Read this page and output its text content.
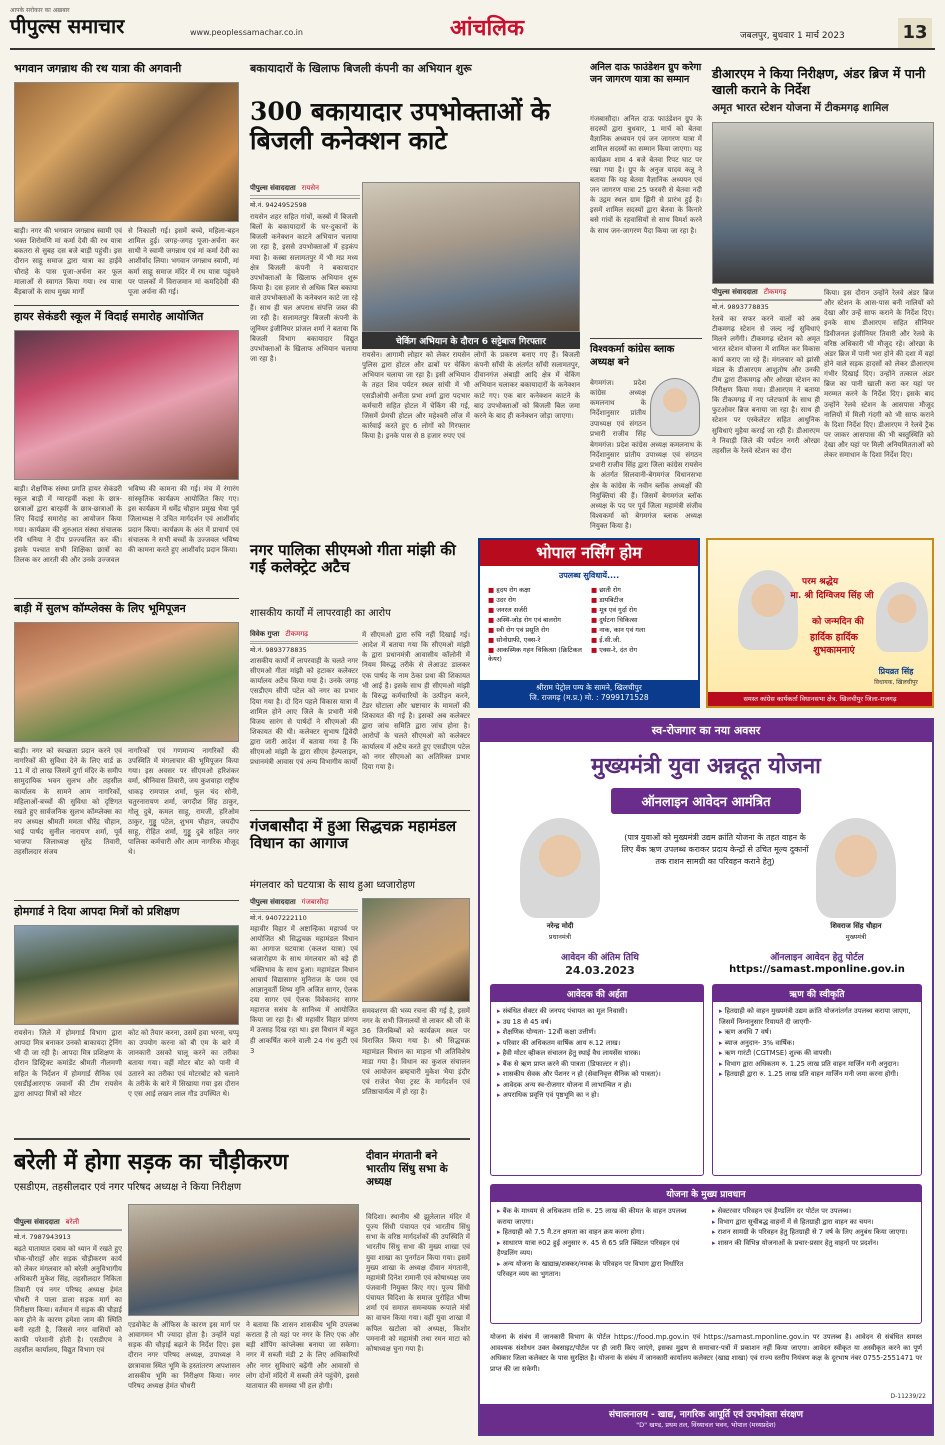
आपके सरोकार का अख़बार
पीपुल्स समाचार	www.peoplessamachar.co.in	आंचलिक	जबलपुर, बुधवार 1 मार्च 2023	13
भगवान जगन्नाथ की रथ यात्रा की अगवानी
बाड़ी। नगर की भगवान जगन्नाथ स्वामी एवं भक्त शिरोमणि मां कर्मा देवी की रथ यात्रा बकतरा से सुबह दस बजे बाड़ी पहुंची। इस दौरान साहू समाज द्वारा यात्रा का हाईवे चौराहे के पास पूजा-अर्चना कर फूल मालाओं से स्वागत किया गया। रथ यात्रा बैंड़बाजों के साथ मुख्य मार्गों
से निकाली गई। इसमें बच्चे, महिला-बहन शामिल हुई। जगह-जगह पूजा-अर्चना कर साथी ने स्वामी जगन्नाथ एवं मां कर्मा देवी का आशीर्वाद लिया। भगवान जगन्नाथ स्वामी, मां कर्मा साहू समाज मंदिर में रथ यात्रा पहुंचने पर पालकों में विराजमान मां कमदिदेवी की पूजा अर्चना की गई।
हायर सेकंडरी स्कूल में विदाई समारोह आयोजित
बाड़ी। शैक्षणिक संस्था प्रगति हायर सेकंडरी स्कूल बाड़ी में ग्यारहवीं कक्षा के छात्र-छात्राओं द्वारा बारहवीं के छात्र-छात्राओं के लिए विदाई समारोह का आयोजन किया गया। कार्यक्रम की शुरुआत संस्था संचालक रवि धनिया ने दीप प्रज्ज्वलित कर की। इसके पश्चात सभी शिक्षिका छात्रों का तिलक कर आरती की और उनके उज्जवल
भविष्य की कामना की गई। मंच में रंगारंग सांस्कृतिक कार्यक्रम आयोजित किए गए। इस कार्यक्रम में धर्मेंद्र चौहान प्रमुख भैया पूर्व जिलाध्यक्ष ने उचित मार्गदर्शन एवं आशीर्वाद प्रदान किया। कार्यक्रम के अंत में प्राचार्य एवं संचालक ने सभी बच्चों के उज्जवल भविष्य की कामना करते हुए आशीर्वाद प्रदान किया।
बाड़ी में सुलभ कॉम्प्लेक्स के लिए भूमिपूजन
बाड़ी। नगर को स्वच्छता प्रदान करने एवं नागरिकों की सुविधा देने के लिए वार्ड क्र 11 में दो लाख जिसमें दुर्गा मंदिर के समीप सामुदायिक भवन सुलभ और तहसील कार्यालय के सामने आम नागरिकों, महिलाओं-बच्चों की सुविधा को दृष्टिगत रखते हुए सार्वजनिक सुलभ कॉम्प्लेक्स का नप अध्यक्ष श्रीमती ममता धीरेंद्र चौहान, भाई पार्षद सुनील नारायण शर्मा, पूर्व भाजपा जिलाध्यक्ष सुरेंद्र तिवारी, तहसीलदार संजय
नागरिकों एवं गणमान्य नागरिकों की उपस्थिति में मंगलाचार की भूमिपूजन किया गया। इस अवसर पर सीएमओ हरिशंकर वर्मा, श्रीनिवास तिवारी, जय कुशवाहा राष्ट्रीय धाकड़ रामपाल शर्मा, फूल चंद सोनी, चतुरनारायण शर्मा, जगदीश सिंह ठाकुर, गोलू दुबे, कमल साहू, रामजी, हरिओम ठाकुर, गुड्डू पटेल, शुभम चौहान, जयदीप साहू, रोहित शर्मा, गुड्डू दुबे सहित नगर पालिका कर्मचारी और आम नागरिक मौजूद थे।
होमगार्ड ने दिया आपदा मित्रों को प्रशिक्षण
रायसेन। जिले में होमगार्ड विभाग द्वारा आपदा मित्र बनाकर उनको बाकायदा ट्रेनिंग भी दी जा रही है। आपदा मित्र प्रशिक्षण के दौरान डिस्ट्रिक्ट कमांडेंट श्रीमती नीलमणी सहित के निर्देशन में होमगार्ड सैनिक एवं एसडीईआरएफ जवानों की टीम रायसेन द्वारा आपदा मित्रों को मोटर
कोट को तैयार करना, उसमें हवा भरना, चप्पू का उपयोग करना को बी एम के बारे में जानकारी उसको चालू करने का तरीका बताया गया। वहीं मोटर बोट को पानी में उतारने का तरीका एवं मोटरबोट को चलाने के तरीके के बारे में सिखाया गया इस दौरान ए एस आई लखन लाल गौड उपस्थित थे।
बकायादारों के खिलाफ बिजली कंपनी का अभियान शुरू
300 बकायादार उपभोक्ताओं के बिजली कनेक्शन काटे
पीपुल्स संवाददाता रायसेन
मो.नं. 9424952598
चेकिंग अभियान के दौरान 6 सट्टेबाज गिरफ्तार
रायसेन शहर सहित गांवों, कस्बों में बिजली बिलों के बकायादारों के घर-दुकानों के बिजली कनेक्शन काटने अभियान चलाया जा रहा है, इससे उपभोक्ताओं में हड़कंप मचा है। कस्बा सलामतपुर में भी मप्र मध्य क्षेत्र बिजली कंपनी ने बकायादार उपभोक्ताओं के खिलाफ अभियान शुरू किया है। दस हजार से अधिक बिल बकाया वाले उपभोक्ताओं के कनेक्शन काटे जा रहे हैं। साथ ही चल अपराध संपत्ति जब्त की जा रही है। सलामतपुर बिजली कंपनी के जूनियर इंजीनियर प्रांजल शर्मा ने बताया कि बिजली विभाग बकायादार विद्युत उपभोक्ताओं के खिलाफ अभियान चलाया जा रहा है।	रायसेन। आगामी लोहार को लेकर रायसेन पुलिस द्वारा होटल और ढाबों पर चेकिंग अभियान चलाया जा रहा है। इसी अभियान के तहत शिव पर्यटन स्थल सांची में भी एसडीओपी अनीता प्रभा शर्मा द्वारा पदभार कर्मचारी सहित होटल में चेकिंग की गई, जिसमें प्रेमची होटल और महेश्वरी लॉज में कार्रवाई करते हुए 6 लोगों को गिरफ्तार किया है। इनके पास से 8 हजार रुपए एवं
लोगों के प्रकरण बनाए गए हैं। बिजली कंपनी साँची के अंतर्गत साँची सलामतपुर, दीवानगंज अंबाड़ी आदि क्षेत्र में चेकिंग अभियान चलाकर बकायादारों के कनेक्शन काटे गए। एक बार कनेक्शन काटने के बाद उपभोक्ताओं को बिजली बिल जमा करने के बाद ही कनेक्शन जोड़ा जाएगा।
अनिल दाऊ फाउंडेशन ग्रुप करेगा जन जागरण यात्रा का सम्मान
गंजबासौदा। अनिल दाऊ फाउंडेशन ग्रुप के सदस्यों द्वारा बुधवार, 1 मार्च को बेतवा वैज्ञानिक अध्ययन एवं जन जागरण यात्रा में शामिल सदस्यों का सम्मान किया जाएगा। यह कार्यक्रम शाम 4 बजे बेतवा रिपट घाट पर रखा गया है। ग्रुप के अनुज यादव कन्नू ने बताया कि यह बेतवा वैज्ञानिक अध्ययन एवं जन जागरण यात्रा 25 फरवरी से बेतवा नदी के उद्गम स्थल ग्राम झिरी से प्रारंभ हुई है। इसमें शामिल सदस्यों द्वारा बेतवा के किनारे बसे गांवों के रहवासियों से साथ विमर्श करने के साथ जन-जागरण पैदा किया जा रहा है।
विश्वकर्मा कांग्रेस ब्लाक अध्यक्ष बने
बेगमगंज। प्रदेश कांग्रेस अध्यक्ष कमलनाथ के निर्देशानुसार प्रांतीय उपाध्यक्ष एवं संगठन प्रभारी राजीव सिंह
बेगमगंज। प्रदेश कांग्रेस अध्यक्ष कमलनाथ के निर्देशानुसार प्रांतीय उपाध्यक्ष एवं संगठन प्रभारी राजीव सिंह द्वारा जिला कांग्रेस रायसेन के अंतर्गत सिलवानी-बेगमगंज विधानसभा क्षेत्र के कांग्रेस के नवीन ब्लॉक अध्यक्षों की नियुक्तियां की हैं। जिसमें बेगमगंज ब्लॉक अध्यक्ष के पद पर पूर्व जिला महामंत्री संजीव विश्वकर्मा को बेगमगंज ब्लाक अध्यक्ष नियुक्त किया है।
डीआरएम ने किया निरीक्षण, अंडर ब्रिज में पानी खाली कराने के निर्देश
अमृत भारत स्टेशन योजना में टीकमगढ़ शामिल
पीपुल्स संवाददाता टीकमगढ़
मो.नं. 9893778835
रेलवे का सफर करने वालों को अब टीकमगढ़ स्टेशन से जल्द नई सुविधाएं मिलने लगेंगी। टीकमगढ़ स्टेशन को अमृत भारत स्टेशन योजना में शामिल कर विकास कार्य कराए जा रहे हैं। मंगलवार को झांसी मंडल के डीआरएम आशुतोष और उनकी टीम द्वारा टीकमगढ़ और ओरछा स्टेशन का निरीक्षण किया गया। डीआरएम ने बताया कि टीकमगढ़ में नए प्लेटफार्म के साथ ही फुटओवर ब्रिज बनाया जा रहा है। साथ ही स्टेशन पर एस्केलेटर सहित आधुनिक सुविधाएं मुहैया कराई जा रही हैं। डीआरएम ने निवाड़ी जिले की पर्यटन नगरी ओरछा तहसील के रेलवे स्टेशन का दौरा
किया। इस दौरान उन्होंने रेलवे अंडर ब्रिज और स्टेशन के आस-पास बनी नालियों को देखा और उन्हें साफ कराने के निर्देश दिए। इनके साथ डीआरएम सहित सीनियर डिवीजनल इंजीनियर तिवारी और रेलवे के वरिष्ठ अधिकारी भी मौजूद रहे। ओरछा के अंडर ब्रिज में पानी भरा होने की दशा में वहां होने वाले सड़क हादसों को लेकर डीआरएम गंभीर दिखाई दिए। उन्होंने तत्काल अंडर ब्रिज का पानी खाली करा कर यहां पर मरम्मत करने के निर्देश दिए। इसके बाद उन्होंने रेलवे स्टेशन के आसपास मौजूद नालियों में मिली गंदगी को भी साफ कराने के दिशा निर्देश दिए। डीआरएम ने रेलवे ट्रैक पर जाकर आसपास की भी बस्तुस्थिति को देखा और यहां पर मिली अनियमितताओं को लेकर समाधान के दिशा निर्देश दिए।
नगर पालिका सीएमओ गीता मांझी की गईं कलेक्ट्रेट अटैच
शासकीय कार्यों में लापरवाही का आरोप
विवेक गुप्ता टीकमगढ़
मो.नं. 9893778835
शासकीय कार्यों में लापरवाही के चलते नगर सीएमओ गीता मांझी को हटाकर कलेक्टर कार्यालय अटैच किया गया है। उनके जगह एसडीएम सीपी पटेल को नगर का प्रभार दिया गया है। दो दिन पहले विकास यात्रा में शामिल होने आए जिले के प्रभारी मंत्री विजय सारंग से पार्षदों ने सीएमओ की शिकायत की थी। कलेक्टर सुभाष द्विवेदी द्वारा जारी आदेश में बताया गया है कि सीएमओ मांझी के द्वारा सीएम हेल्पलाइन, प्रधानमंत्री आवास एवं अन्य विभागीय कार्यों
में सीएमओ द्वारा रुचि नहीं दिखाई गई। आदेश में बताया गया कि सीएमओ मांझी के द्वारा प्रधानमंत्री आवासीय कॉलोनी में नियम विरुद्ध तरीके से लेआउट डालकर एक पार्षद के नाम ठेका प्रथा की शिकायत भी आई है। इसके साथ ही सीएमओ मांझी के विरुद्ध कर्मचारियों के उत्पीड़न करने, टेंडर घोटाला और भ्रष्टाचार के मामलों की शिकायत की गई है। इसको अब कलेक्टर द्वारा जांच समिति द्वारा जांच होना है। आरोपों के चलते सीएमओ को कलेक्टर कार्यालय में अटैच करते हुए एसडीएम पटेल को नगर सीएमओ का अतिरिक्त प्रभार दिया गया है।
गंजबासौदा में हुआ सिद्धचक्र महामंडल विधान का आगाज
मंगलवार को घटयात्रा के साथ हुआ ध्वजारोहण
पीपुल्स संवाददाता गंजबासौदा
मो.नं. 9407222110
महावीर विहार में अष्टान्हिका महापर्व पर आयोजित श्री सिद्धचक्र महामंडल विधान का आगाज घटयात्रा (कलश यात्रा) एवं ध्वजारोहण के साथ मंगलवार को बड़े ही भक्तिभाव के साथ हुआ। महामंडल विधान आचार्य विद्यासागर मुनिराज के परम एवं आज्ञानुवर्ती शिष्य मुनि अजित सागर, ऐलक दया सागर एवं ऐलक विवेकानंद सागर महाराज ससंघ के सानिध्य में आयोजित किया जा रहा है। श्री महावीर विहार प्रांगण में उत्साह दिख रहा था। इस विधान में बहुत ही आकर्षित करने वाली 24 गंध कुटी एवं 3
समवशरण की भव्य रचना की गई है, इसमें नगर के सभी जिनालयों से लाकर श्री जी के 36 जिनबिम्बों को कार्यक्रम स्थल पर विराजित किया गया है। श्री सिद्धचक्र महामंडल विधान का माड़ना भी अतिविशेष माडा गया है। विधान का कुशल संचालन एवं आयोजन ब्रम्हचारी मुकेश भैया इंदौर एवं राजेश भैया ट्रस्ट के मार्गदर्शन एवं प्रतिष्ठाचार्यत्व में हो रहा है।
बरेली में होगा सड़क का चौड़ीकरण
एसडीएम, तहसीलदार एवं नगर परिषद अध्यक्ष ने किया निरीक्षण
पीपुल्स संवाददाता बरेली
मो.नं. 7987943913
बढ़ते यातायात दबाव को ध्यान में रखते हुए चौक-चौराहों और सड़क चौड़ीकरण कार्य को लेकर मंगलवार को बरेली अनुविभागीय अधिकारी मुकेश सिंह, तहसीलदार निकिता तिवारी एवं नगर परिषद अध्यक्ष हेमंत चौधरी ने पाला डाला सड़क मार्ग का निरीक्षण किया। वर्तमान में सड़क की चौड़ाई कम होने के कारण हमेशा जाम की स्थिति बनी रहती है, जिससे नगर वासियों को काफी परेशानी होती है। एसडीएम ने तहसील कार्यालय, विद्युत विभाग एवं
एडवोकेट के ऑफिस के कारण इस मार्ग पर आवागमन भी ज्यादा होता है। उन्होंने यहां सड़क की चौड़ाई बढ़ाने के निर्देश दिए। इस दौरान नगर परिषद अध्यक्ष, उपाध्यक्ष ने छात्रावास स्थित भूमि के हस्तांतरण अपशासन शासकीय भूमि का निरीक्षण किया। नगर परिषद अध्यक्ष हेमंत चौधरी
ने बताया कि शासन शासकीय भूमि उपलब्ध कराता है तो यहां पर नगर के लिए एक और बड़ी शॉपिंग कांप्लेक्स बनाया जा सकेगा। नगर में सब्जी मंडी 2 के लिए अधिकारियों और नगर सुविधाएं बढ़ेंगी और आवासों से लोग दोनों मंदिरों में सब्जी लेने पहुंचेंगे, इससे यातायात की समस्या भी हल होगी।
दीवान मंगतानी बने भारतीय सिंधु सभा के अध्यक्ष
विदिशा। स्थानीय श्री झूलेलाल मंदिर में पूज्य सिंधी पंचायत एवं भारतीय सिंधु सभा के वरिष्ठ मार्गदर्शकों की उपस्थिति में भारतीय सिंधु सभा की मुख्य शाखा एवं युवा शाखा का पुनर्गठन किया गया। इसमें मुख्य शाखा के अध्यक्ष दीवान मंगतानी, महामंत्री दिनेश रामानी एवं कोषाध्यक्ष जय पंजवानी नियुक्त किए गए। पूज्य सिंधी पंचायत विदिशा के समाज पुरोहित भीष्म शर्मा एवं समाज समन्वयक रूपाले मंत्रों का वाचन किया गया। वहीं युवा शाखा में कपिल खटोला को अध्यक्ष, किशोर पमनानी को महामंत्री तथा रमन माटा को कोषाध्यक्ष चुना गया है।
भोपाल नर्सिंग होम
उपलब्ध सुविधायें....
■ हृदय रोग कक्षा	■ छाती रोग
■ उदर रोग	■ डायबिटीज
■ जनरल सर्जरी	■ मूत्र एवं गुर्दा रोग
■ अस्थि-जोड़ रोग एवं बालरोग	■ दुर्घटना चिकित्सा
■ स्त्री रोग एवं प्रसूति रोग	■ नाक, कान एवं गला
■ सोनोग्राफी, एक्स-रे	■ ई.सी.जी.
■ आकस्मिक गहन चिकित्सा (क्रिटिकल केयर)
■ एक्स-रे, दंत रोग
श्रीराम पेट्रोल पम्प के सामने, खिलचीपुर
जि. राजगढ़ (म.प्र.) मो. : 7999171528
परम श्रद्धेय
मा. श्री दिग्विजय सिंह जी
को जन्मदिन की
हार्दिक हार्दिक शुभकामनाएं
प्रियव्रत सिंह
विधायक, खिलचीपुर
समस्त कांग्रेस कार्यकर्ता विधानसभा क्षेत्र, खिलचीपुर जिला-राजगढ़
स्व-रोजगार का नया अवसर
मुख्यमंत्री युवा अन्नदूत योजना
ऑनलाइन आवेदन आमंत्रित
नरेन्द्र मोदी
प्रधानमंत्री
(पात्र युवाओं को मुख्यमंत्री उद्यम क्रांति योजना के तहत वाहन के लिए बैंक ऋण उपलब्ध कराकर प्रदाय केन्द्रों से उचित मूल्य दुकानों तक राशन सामग्री का परिवहन कराने हेतु)
शिवराज सिंह चौहान
मुख्यमंत्री
आवेदन की अंतिम तिथि
24.03.2023
ऑनलाइन आवेदन हेतु पोर्टल
https://samast.mponline.gov.in
आवेदक की अर्हता
▸ संबंधित सेक्टर की जनपद पंचायत का मूल निवासी।
▸ उम्र 18 से 45 वर्ष।
▸ शैक्षणिक योग्यता- 12वीं कक्षा उत्तीर्ण।
▸ परिवार की अधिकतम वार्षिक आय रु.12 लाख।
▸ हैवी मोटर व्हीकल संचालन हेतु स्थाई वैध लायसेंस धारक।
▸ बैंक से ऋण प्राप्त करने की पात्रता (डिफाल्टर न हो)।
▸ शासकीय सेवक और पेंशनर न हो (सेवानिवृत्त सैनिक को पात्रता)।
▸ आवेदक अन्य स्व-रोजगार योजना में लाभान्वित न हो।
▸ अपराधिक प्रवृत्ति एवं पृष्ठभूमि का न हो।
ऋण की स्वीकृति
▸ हितग्राही को वाहन मुख्यमंत्री उद्यम क्रांति योजनांतर्गत उपलब्ध कराया जाएगा, जिसमें निम्नानुसार रियायतें दी जाएगी-
▸ ऋण अवधि 7 वर्ष।
▸ ब्याज अनुदान- 3% वार्षिक।
▸ ऋण गारंटी (CGTMSE) शुल्क की वापसी।
▸ विभाग द्वारा अधिकतम रु. 1.25 लाख प्रति वाहन मार्जिन मनी अनुदान।
▸ हितग्राही द्वारा रु. 1.25 लाख प्रति वाहन मार्जिन मनी जमा करना होगी।
योजना के मुख्य प्रावधान
▸ बैंक के माध्यम से अधिकतम राशि रु. 25 लाख की कीमत के वाहन उपलब्ध कराया जाएगा।
▸ हितग्राही को 7.5 मै.टन क्षमता का वाहन क्रय करना होगा।
▸ साधारण यात्रा रु02 हुई अनुसार रु. 45 से 65 प्रति क्विंटल परिवहन एवं हैण्डलिंग व्यय।
▸ अन्य योजना के खाद्यान्न/शक्कर/नमक के परिवहन पर विभाग द्वारा निर्धारित परिवहन व्यय का भुगतान।
▸ सेक्टरवार परिवहन एवं हैण्डलिंग दर पोर्टल पर उपलब्ध।
▸ विभाग द्वारा सूचीबद्ध वाहनों में से हितग्राही द्वारा वाहन का चयन।
▸ राशन सामग्री के परिवहन हेतु हितग्राही से 7 वर्ष के लिए अनुबंध किया जाएगा।
▸ शासन की विभिन्न योजनाओं के प्रचार-प्रसार हेतु वाहनों पर प्रदर्शन।
योजना के संबंध में जानकारी विभाग के पोर्टल https://food.mp.gov.in एवं https://samast.mponline.gov.in पर उपलब्ध है। आवेदन से संबंधित समस्त आवश्यक संशोधन उक्त वेबसाइट/पोर्टल पर ही जारी किए जाएंगे, इसका मुद्रण से समाचार-पत्रों में प्रकाशन नहीं किया जाएगा। आवेदन स्वीकृत या अस्वीकृत करने का पूर्ण अधिकार जिला कलेक्टर के पास सुरक्षित है। योजना के संबंध में जानकारी कार्यालय कलेक्टर (खाद्य शाखा) एवं राज्य स्तरीय नियंत्रण कक्ष के दूरभाष नंबर 0755-2551471 पर प्राप्त की जा सकेगी।
संचालनालय - खाद्य, नागरिक आपूर्ति एवं उपभोक्ता संरक्षण
"D" खण्ड, प्रथम तल, विंध्याचल भवन, भोपाल (मध्यप्रदेश)
D-11239/22
